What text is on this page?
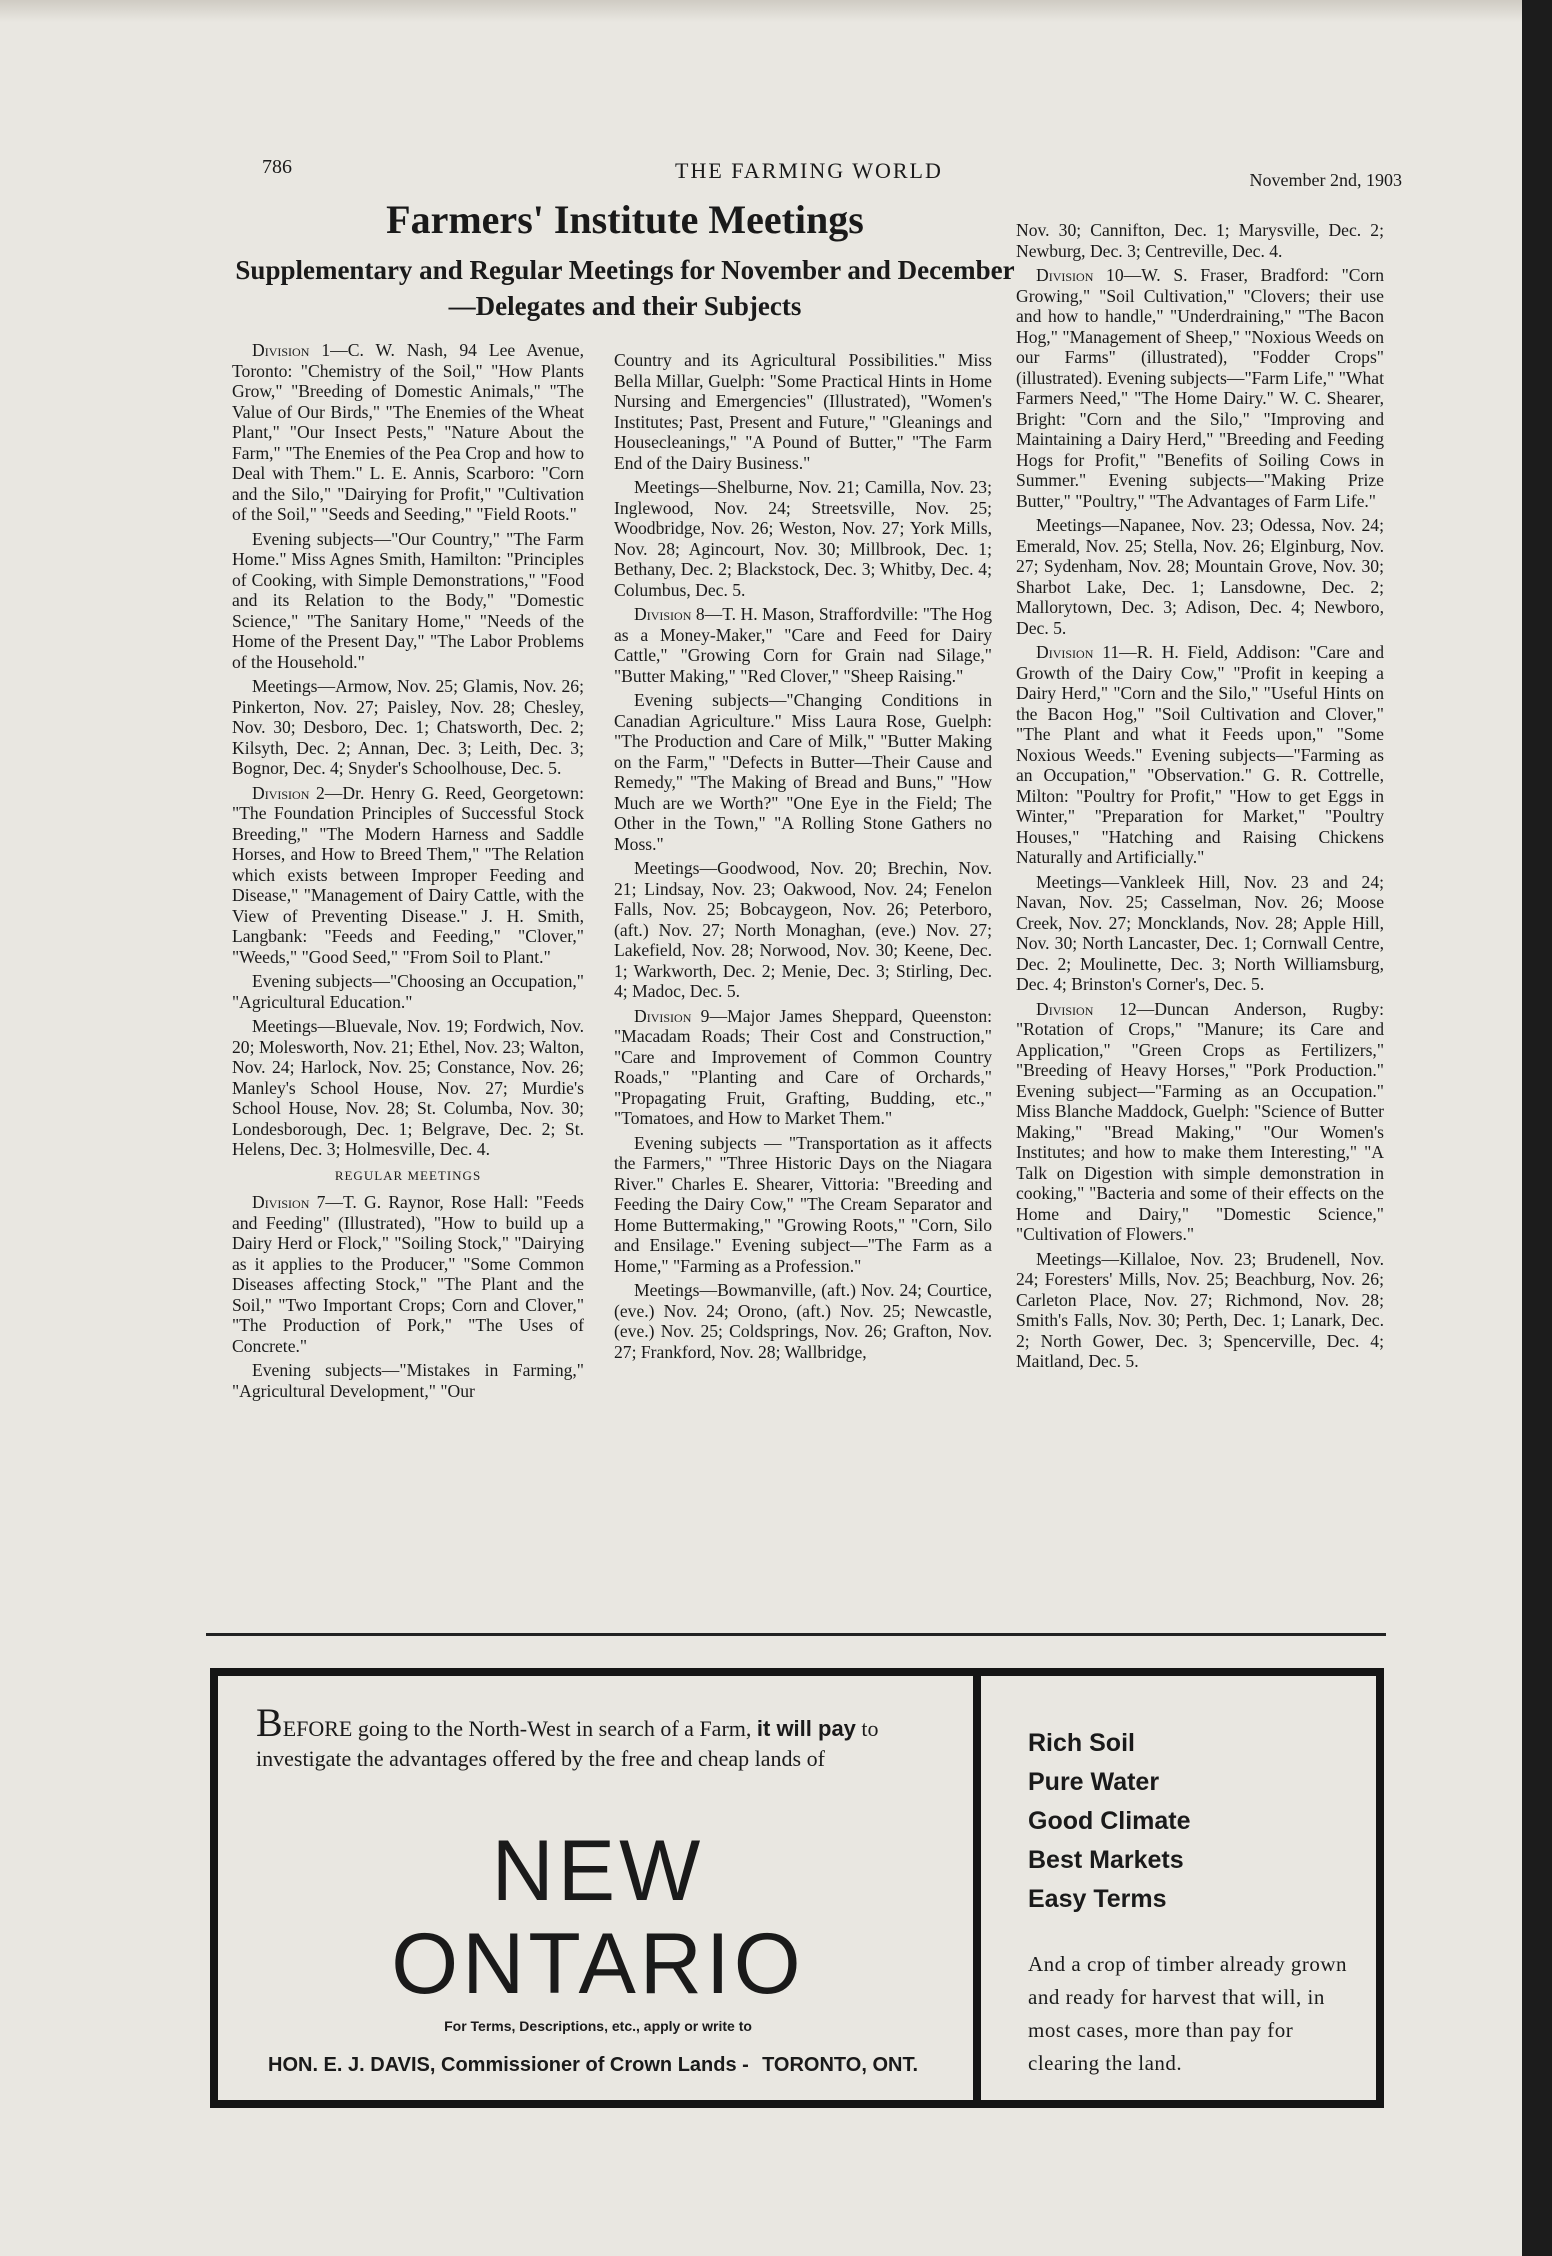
786	THE FARMING WORLD	November 2nd, 1903
Farmers' Institute Meetings
Supplementary and Regular Meetings for November and December—Delegates and their Subjects

Division 1—C. W. Nash, 94 Lee Avenue, Toronto: "Chemistry of the Soil," "How Plants Grow," "Breeding of Domestic Animals," "The Value of Our Birds," "The Enemies of the Wheat Plant," "Our Insect Pests," "Nature About the Farm," "The Enemies of the Pea Crop and how to Deal with Them." L. E. Annis, Scarboro: "Corn and the Silo," "Dairying for Profit," "Cultivation of the Soil," "Seeds and Seeding," "Field Roots."

Evening subjects—"Our Country," "The Farm Home." Miss Agnes Smith, Hamilton: "Principles of Cooking, with Simple Demonstrations," "Food and its Relation to the Body," "Domestic Science," "The Sanitary Home," "Needs of the Home of the Present Day," "The Labor Problems of the Household."

Meetings—Armow, Nov. 25; Glamis, Nov. 26; Pinkerton, Nov. 27; Paisley, Nov. 28; Chesley, Nov. 30; Desboro, Dec. 1; Chatsworth, Dec. 2; Kilsyth, Dec. 2; Annan, Dec. 3; Leith, Dec. 3; Bognor, Dec. 4; Snyder's Schoolhouse, Dec. 5.

Division 2—Dr. Henry G. Reed, Georgetown: "The Foundation Principles of Successful Stock Breeding," "The Modern Harness and Saddle Horses, and How to Breed Them," "The Relation which exists between Improper Feeding and Disease," "Management of Dairy Cattle, with the View of Preventing Disease." J. H. Smith, Langbank: "Feeds and Feeding," "Clover," "Weeds," "Good Seed," "From Soil to Plant."

Evening subjects—"Choosing an Occupation," "Agricultural Education."

Meetings—Bluevale, Nov. 19; Fordwich, Nov. 20; Molesworth, Nov. 21; Ethel, Nov. 23; Walton, Nov. 24; Harlock, Nov. 25; Constance, Nov. 26; Manley's School House, Nov. 27; Murdie's School House, Nov. 28; St. Columba, Nov. 30; Londesborough, Dec. 1; Belgrave, Dec. 2; St. Helens, Dec. 3; Holmesville, Dec. 4.

REGULAR MEETINGS

Division 7—T. G. Raynor, Rose Hall: "Feeds and Feeding" (Illustrated), "How to build up a Dairy Herd or Flock," "Soiling Stock," "Dairying as it applies to the Producer," "Some Common Diseases affecting Stock," "The Plant and the Soil," "Two Important Crops; Corn and Clover," "The Production of Pork," "The Uses of Concrete."

Evening subjects—"Mistakes in Farming," "Agricultural Development," "Our

Country and its Agricultural Possibilities." Miss Bella Millar, Guelph: "Some Practical Hints in Home Nursing and Emergencies" (Illustrated), "Women's Institutes; Past, Present and Future," "Gleanings and Housecleanings," "A Pound of Butter," "The Farm End of the Dairy Business."

Meetings—Shelburne, Nov. 21; Camilla, Nov. 23; Inglewood, Nov. 24; Streetsville, Nov. 25; Woodbridge, Nov. 26; Weston, Nov. 27; York Mills, Nov. 28; Agincourt, Nov. 30; Millbrook, Dec. 1; Bethany, Dec. 2; Blackstock, Dec. 3; Whitby, Dec. 4; Columbus, Dec. 5.

Division 8—T. H. Mason, Straffordville: "The Hog as a Money-Maker," "Care and Feed for Dairy Cattle," "Growing Corn for Grain nad Silage," "Butter Making," "Red Clover," "Sheep Raising."

Evening subjects—"Changing Conditions in Canadian Agriculture." Miss Laura Rose, Guelph: "The Production and Care of Milk," "Butter Making on the Farm," "Defects in Butter—Their Cause and Remedy," "The Making of Bread and Buns," "How Much are we Worth?" "One Eye in the Field; The Other in the Town," "A Rolling Stone Gathers no Moss."

Meetings—Goodwood, Nov. 20; Brechin, Nov. 21; Lindsay, Nov. 23; Oakwood, Nov. 24; Fenelon Falls, Nov. 25; Bobcaygeon, Nov. 26; Peterboro, (aft.) Nov. 27; North Monaghan, (eve.) Nov. 27; Lakefield, Nov. 28; Norwood, Nov. 30; Keene, Dec. 1; Warkworth, Dec. 2; Menie, Dec. 3; Stirling, Dec. 4; Madoc, Dec. 5.

Division 9—Major James Sheppard, Queenston: "Macadam Roads; Their Cost and Construction," "Care and Improvement of Common Country Roads," "Planting and Care of Orchards," "Propagating Fruit, Grafting, Budding, etc.," "Tomatoes, and How to Market Them."

Evening subjects — "Transportation as it affects the Farmers," "Three Historic Days on the Niagara River." Charles E. Shearer, Vittoria: "Breeding and Feeding the Dairy Cow," "The Cream Separator and Home Buttermaking," "Growing Roots," "Corn, Silo and Ensilage." Evening subject—"The Farm as a Home," "Farming as a Profession."

Meetings—Bowmanville, (aft.) Nov. 24; Courtice, (eve.) Nov. 24; Orono, (aft.) Nov. 25; Newcastle, (eve.) Nov. 25; Coldsprings, Nov. 26; Grafton, Nov. 27; Frankford, Nov. 28; Wallbridge,

Nov. 30; Cannifton, Dec. 1; Marysville, Dec. 2; Newburg, Dec. 3; Centreville, Dec. 4.

Division 10—W. S. Fraser, Bradford: "Corn Growing," "Soil Cultivation," "Clovers; their use and how to handle," "Underdraining," "The Bacon Hog," "Management of Sheep," "Noxious Weeds on our Farms" (illustrated), "Fodder Crops" (illustrated). Evening subjects—"Farm Life," "What Farmers Need," "The Home Dairy." W. C. Shearer, Bright: "Corn and the Silo," "Improving and Maintaining a Dairy Herd," "Breeding and Feeding Hogs for Profit," "Benefits of Soiling Cows in Summer." Evening subjects—"Making Prize Butter," "Poultry," "The Advantages of Farm Life."

Meetings—Napanee, Nov. 23; Odessa, Nov. 24; Emerald, Nov. 25; Stella, Nov. 26; Elginburg, Nov. 27; Sydenham, Nov. 28; Mountain Grove, Nov. 30; Sharbot Lake, Dec. 1; Lansdowne, Dec. 2; Mallorytown, Dec. 3; Adison, Dec. 4; Newboro, Dec. 5.

Division 11—R. H. Field, Addison: "Care and Growth of the Dairy Cow," "Profit in keeping a Dairy Herd," "Corn and the Silo," "Useful Hints on the Bacon Hog," "Soil Cultivation and Clover," "The Plant and what it Feeds upon," "Some Noxious Weeds." Evening subjects—"Farming as an Occupation," "Observation." G. R. Cottrelle, Milton: "Poultry for Profit," "How to get Eggs in Winter," "Preparation for Market," "Poultry Houses," "Hatching and Raising Chickens Naturally and Artificially."

Meetings—Vankleek Hill, Nov. 23 and 24; Navan, Nov. 25; Casselman, Nov. 26; Moose Creek, Nov. 27; Moncklands, Nov. 28; Apple Hill, Nov. 30; North Lancaster, Dec. 1; Cornwall Centre, Dec. 2; Moulinette, Dec. 3; North Williamsburg, Dec. 4; Brinston's Corner's, Dec. 5.

Division 12—Duncan Anderson, Rugby: "Rotation of Crops," "Manure; its Care and Application," "Green Crops as Fertilizers," "Breeding of Heavy Horses," "Pork Production." Evening subject—"Farming as an Occupation." Miss Blanche Maddock, Guelph: "Science of Butter Making," "Bread Making," "Our Women's Institutes; and how to make them Interesting," "A Talk on Digestion with simple demonstration in cooking," "Bacteria and some of their effects on the Home and Dairy," "Domestic Science," "Cultivation of Flowers."

Meetings—Killaloe, Nov. 23; Brudenell, Nov. 24; Foresters' Mills, Nov. 25; Beachburg, Nov. 26; Carleton Place, Nov. 27; Richmond, Nov. 28; Smith's Falls, Nov. 30; Perth, Dec. 1; Lanark, Dec. 2; North Gower, Dec. 3; Spencerville, Dec. 4; Maitland, Dec. 5.

BEFORE going to the North-West in search of a Farm, it will pay to investigate the advantages offered by the free and cheap lands of

NEW

ONTARIO

For Terms, Descriptions, etc., apply or write to

HON. E. J. DAVIS, Commissioner of Crown Lands - TORONTO, ONT.
Rich Soil
Pure Water
Good Climate
Best Markets
Easy Terms

And a crop of timber already grown and ready for harvest that will, in most cases, more than pay for clearing the land.
